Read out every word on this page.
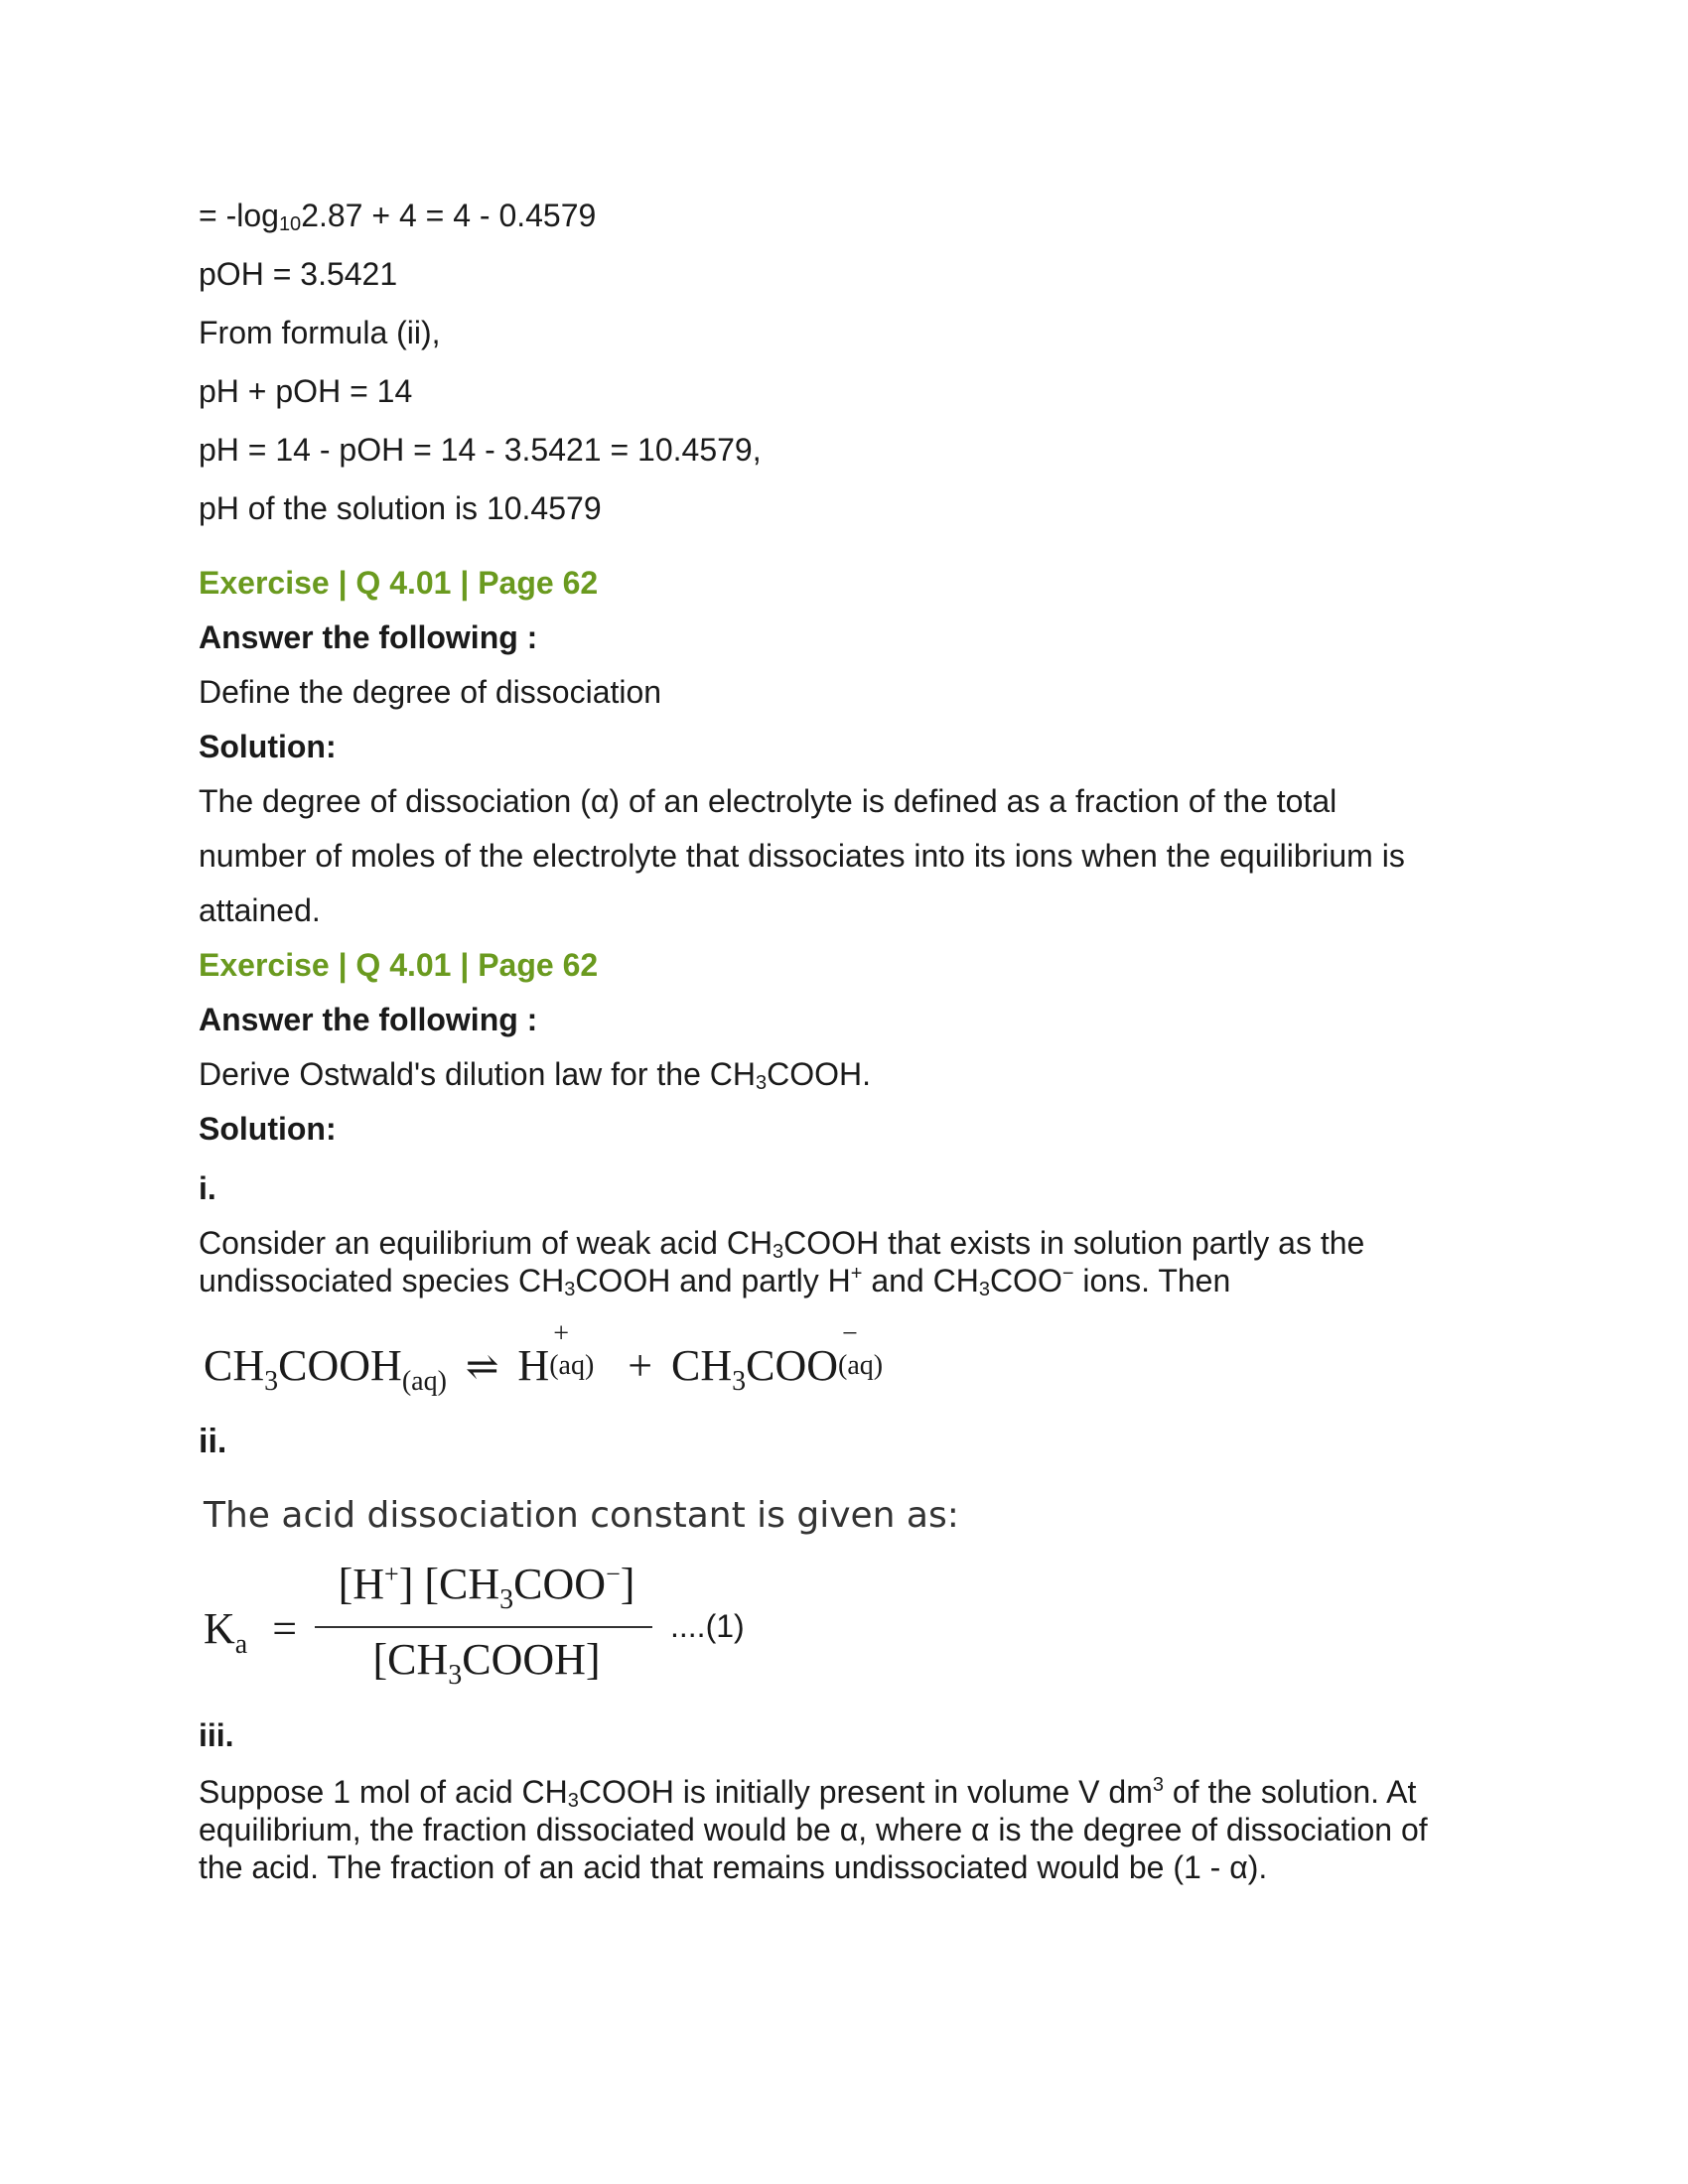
= -log102.87 + 4 = 4 - 0.4579
pOH = 3.5421
From formula (ii),
pH + pOH = 14
pH = 14 - pOH = 14 - 3.5421 = 10.4579,
pH of the solution is 10.4579
Exercise | Q 4.01 | Page 62
Answer the following :
Define the degree of dissociation
Solution:
The degree of dissociation (α) of an electrolyte is defined as a fraction of the total
number of moles of the electrolyte that dissociates into its ions when the equilibrium is
attained.
Exercise | Q 4.01 | Page 62
Answer the following :
Derive Ostwald's dilution law for the CH3COOH.
Solution:
i.
Consider an equilibrium of weak acid CH3COOH that exists in solution partly as the
undissociated species CH3COOH and partly H+ and CH3COO− ions. Then
$CH_3COOH_{(aq)}$ ⇌ H
+
$(aq) + CH_3COO$
−
(aq)
ii.
The acid dissociation constant is given as:
$K_a$ =
[H+] $[CH_3COO^-]$
$[CH_3COOH]$
....(1)
iii.
Suppose 1 mol of acid CH3COOH is initially present in volume V $dm^3$ of the solution. At
equilibrium, the fraction dissociated would be α, where α is the degree of dissociation of
the acid. The fraction of an acid that remains undissociated would be (1 - α).
